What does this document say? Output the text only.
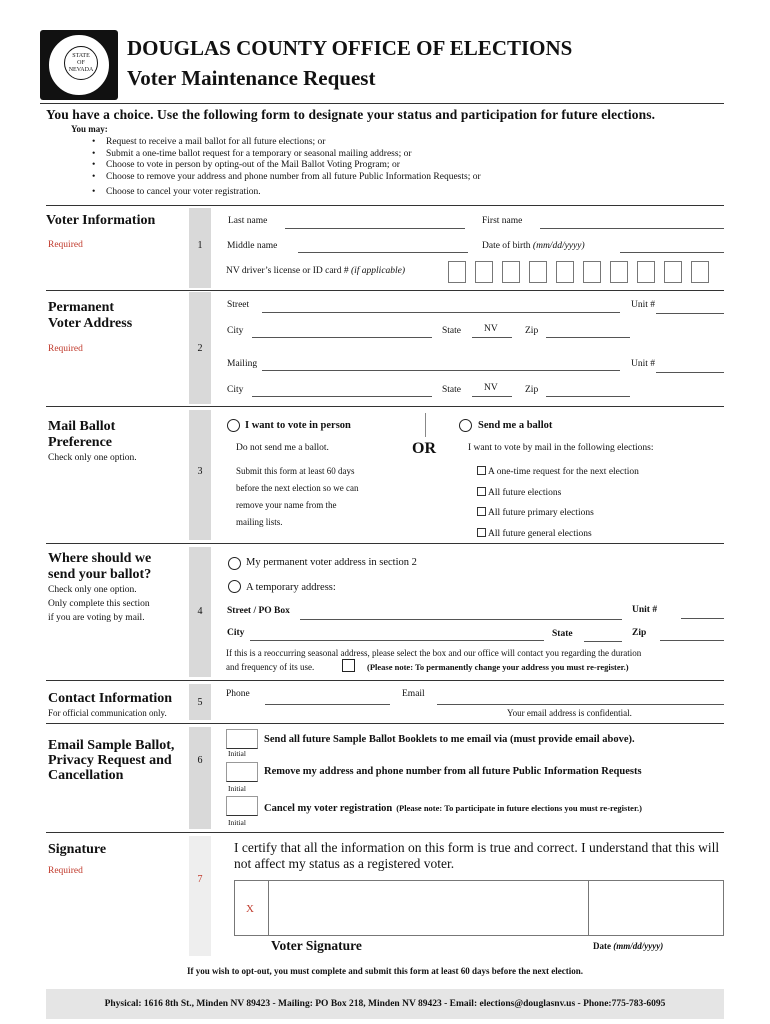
STATE
OF
NEVADA
DOUGLAS COUNTY OFFICE OF ELECTIONS
Voter Maintenance Request
You have a choice. Use the following form to designate your status and participation for future elections.
You may:
• Request to receive a mail ballot for all future elections; or
• Submit a one-time ballot request for a temporary or seasonal mailing address; or
• Choose to vote in person by opting-out of the Mail Ballot Voting Program; or
• Choose to remove your address and phone number from all future Public Information Requests; or
• Choose to cancel your voter registration.
1
Voter Information
Required
Last name	First name
Middle name	Date of birth (mm/dd/yyyy)
NV driver’s license or ID card # (if applicable)
2
Permanent
Voter Address
Required
Street	Unit #
City	State NV	Zip
Mailing	Unit #
City	State NV	Zip
3
Mail Ballot
Preference
Check only one option.
I want to vote in person
Do not send me a ballot.
Submit this form at least 60 days
before the next election so we can
remove your name from the
mailing lists.
OR
Send me a ballot
I want to vote by mail in the following elections:
A one-time request for the next election
All future elections
All future primary elections
All future general elections
4
Where should we
send your ballot?
Check only one option.
Only complete this section
if you are voting by mail.
My permanent voter address in section 2
A temporary address:
Street / PO Box	Unit #
City	State	Zip
If this is a reoccurring seasonal address, please select the box and our office will contact you regarding the duration
and frequency of its use.	(Please note: To permanently change your address you must re-register.)
5
Contact Information
For official communication only.
Phone	Email
Your email address is confidential.
6
Email Sample Ballot,
Privacy Request and
Cancellation
Initial
Send all future Sample Ballot Booklets to me email via (must provide email above).
Initial
Remove my address and phone number from all future Public Information Requests
Initial
Cancel my voter registration (Please note: To participate in future elections you must re-register.)
7
Signature
Required
I certify that all the information on this form is true and correct. I understand that this will not affect my status as a registered voter.
X
Voter Signature	Date (mm/dd/yyyy)
If you wish to opt-out, you must complete and submit this form at least 60 days before the next election.
Physical: 1616 8th St., Minden NV 89423 - Mailing: PO Box 218, Minden NV 89423 - Email: elections@douglasnv.us - Phone:775-783-6095
